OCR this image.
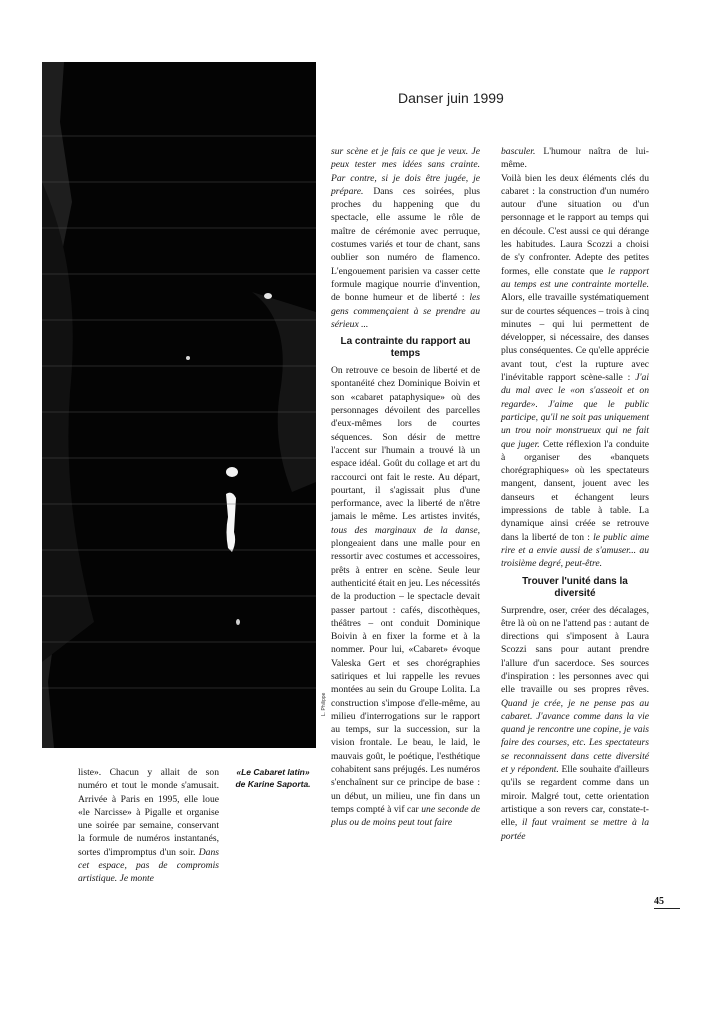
Danser juin 1999
L. Philippe

liste». Chacun y allait de son numéro et tout le monde s'amusait. Arrivée à Paris en 1995, elle loue «le Narcisse» à Pigalle et organise une soirée par semaine, conservant la formule de numéros instantanés, sortes d'impromptus d'un soir. Dans cet espace, pas de compromis artistique. Je monte

«Le Cabaret latin»
de Karine Saporta.

sur scène et je fais ce que je veux. Je peux tester mes idées sans crainte. Par contre, si je dois être jugée, je prépare. Dans ces soirées, plus proches du happening que du spectacle, elle assume le rôle de maître de cérémonie avec perruque, costumes variés et tour de chant, sans oublier son numéro de flamenco. L'engouement parisien va casser cette formule magique nourrie d'invention, de bonne humeur et de liberté : les gens commençaient à se prendre au sérieux ...

La contrainte du rapport au temps

On retrouve ce besoin de liberté et de spontanéité chez Dominique Boivin et son «cabaret pataphysique» où des personnages dévoilent des parcelles d'eux-mêmes lors de courtes séquences. Son désir de mettre l'accent sur l'humain a trouvé là un espace idéal. Goût du collage et art du raccourci ont fait le reste. Au départ, pourtant, il s'agissait plus d'une performance, avec la liberté de n'être jamais le même. Les artistes invités, tous des marginaux de la danse, plongeaient dans une malle pour en ressortir avec costumes et accessoires, prêts à entrer en scène. Seule leur authenticité était en jeu. Les nécessités de la production – le spectacle devait passer partout : cafés, discothèques, théâtres – ont conduit Dominique Boivin à en fixer la forme et à la nommer. Pour lui, «Cabaret» évoque Valeska Gert et ses chorégraphies satiriques et lui rappelle les revues montées au sein du Groupe Lolita. La construction s'impose d'elle-même, au milieu d'interrogations sur le rapport au temps, sur la succession, sur la vision frontale. Le beau, le laid, le mauvais goût, le poétique, l'esthétique cohabitent sans préjugés. Les numéros s'enchaînent sur ce principe de base : un début, un milieu, une fin dans un temps compté à vif car une seconde de plus ou de moins peut tout faire

basculer. L'humour naîtra de lui-même.

Voilà bien les deux éléments clés du cabaret : la construction d'un numéro autour d'une situation ou d'un personnage et le rapport au temps qui en découle. C'est aussi ce qui dérange les habitudes. Laura Scozzi a choisi de s'y confronter. Adepte des petites formes, elle constate que le rapport au temps est une contrainte mortelle. Alors, elle travaille systématiquement sur de courtes séquences – trois à cinq minutes – qui lui permettent de développer, si nécessaire, des danses plus conséquentes. Ce qu'elle apprécie avant tout, c'est la rupture avec l'inévitable rapport scène-salle : J'ai du mal avec le «on s'asseoit et on regarde». J'aime que le public participe, qu'il ne soit pas uniquement un trou noir monstrueux qui ne fait que juger. Cette réflexion l'a conduite à organiser des «banquets chorégraphiques» où les spectateurs mangent, dansent, jouent avec les danseurs et échangent leurs impressions de table à table. La dynamique ainsi créée se retrouve dans la liberté de ton : le public aime rire et a envie aussi de s'amuser... au troisième degré, peut-être.

Trouver l'unité dans la diversité

Surprendre, oser, créer des décalages, être là où on ne l'attend pas : autant de directions qui s'imposent à Laura Scozzi sans pour autant prendre l'allure d'un sacerdoce. Ses sources d'inspiration : les personnes avec qui elle travaille ou ses propres rêves. Quand je crée, je ne pense pas au cabaret. J'avance comme dans la vie quand je rencontre une copine, je vais faire des courses, etc. Les spectateurs se reconnaissent dans cette diversité et y répondent. Elle souhaite d'ailleurs qu'ils se regardent comme dans un miroir. Malgré tout, cette orientation artistique a son revers car, constate-t-elle, il faut vraiment se mettre à la portée

45
